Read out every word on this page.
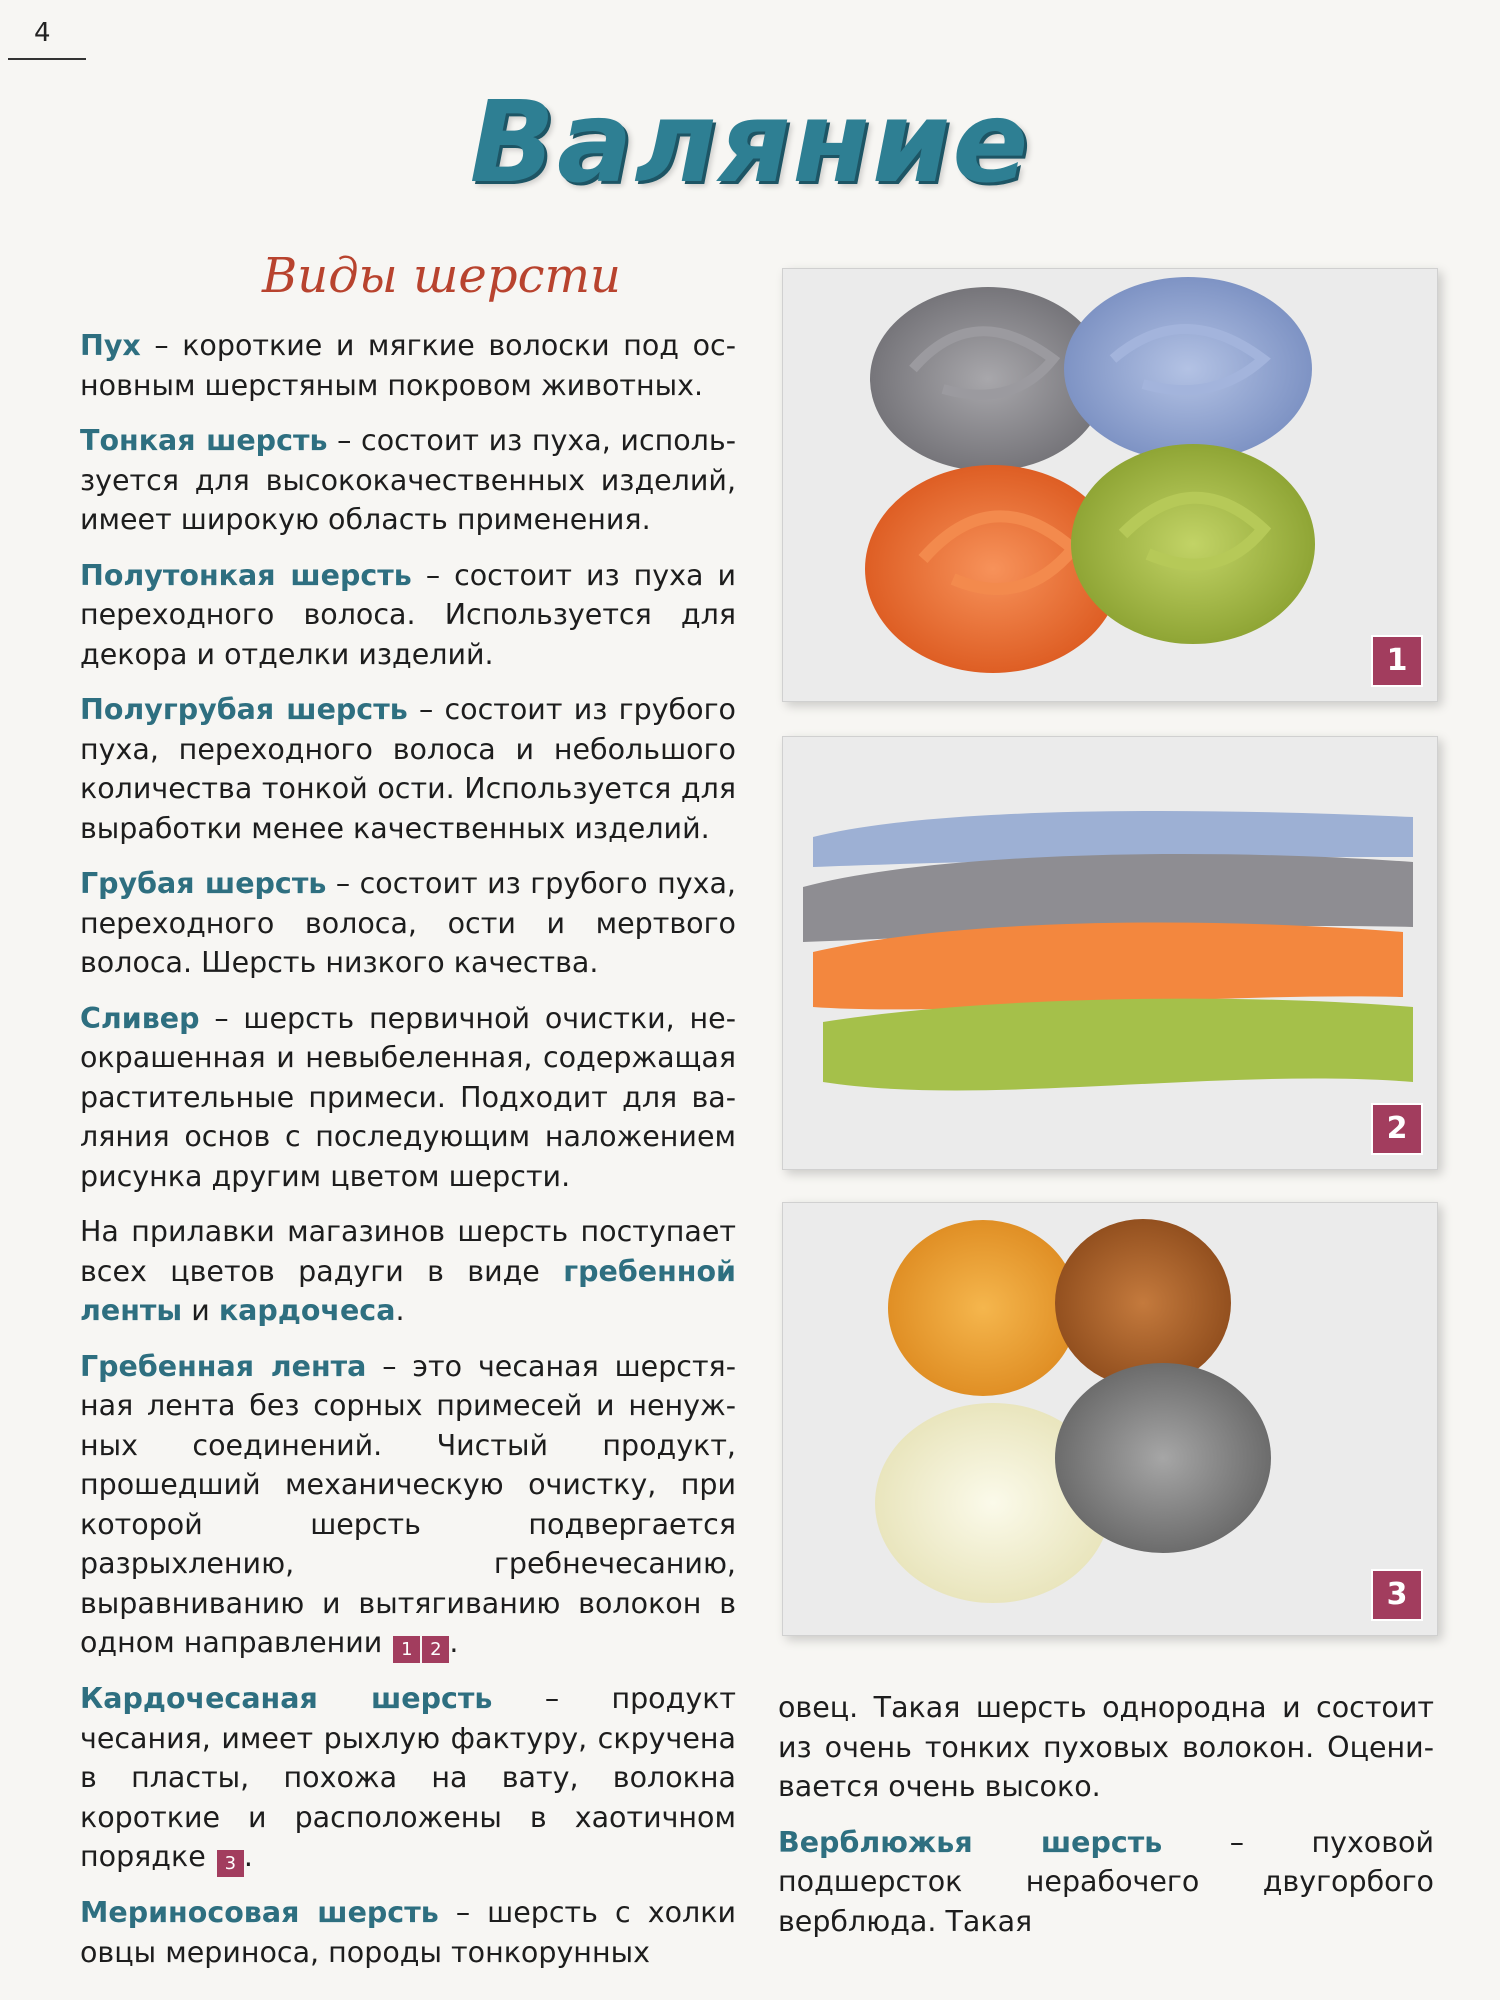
4
Валяние
Виды шерсти

Пух – короткие и мягкие волоски под основным шерстяным покровом животных.

Тонкая шерсть – состоит из пуха, используется для высококачественных изделий, имеет широкую область применения.

Полутонкая шерсть – состоит из пуха и переходного волоса. Используется для декора и отделки изделий.

Полугрубая шерсть – состоит из грубого пуха, переходного волоса и небольшого количества тонкой ости. Используется для выработки менее качественных изделий.

Грубая шерсть – состоит из грубого пуха, переходного волоса, ости и мертвого волоса. Шерсть низкого качества.

Сливер – шерсть первичной очистки, неокрашенная и невыбеленная, содержащая растительные примеси. Подходит для валяния основ с последующим наложением рисунка другим цветом шерсти.

На прилавки магазинов шерсть поступает всех цветов радуги в виде гребенной ленты и кардочеса.

Гребенная лента – это чесаная шерстяная лента без сорных примесей и ненужных соединений. Чистый продукт, прошедший механическую очистку, при которой шерсть подвергается разрыхлению, гребнечесанию, выравниванию и вытягиванию волокон в одном направлении 1 2 .

Кардочесаная шерсть – продукт чесания, имеет рыхлую фактуру, скручена в пласты, похожа на вату, волокна короткие и расположены в хаотичном порядке 3 .

Мериносовая шерсть – шерсть с холки овцы мериноса, породы тонкорунных

1
2
3

овец. Такая шерсть однородна и состоит из очень тонких пуховых волокон. Оценивается очень высоко.

Верблюжья шерсть – пуховой подшерсток нерабочего двугорбого верблюда. Такая
